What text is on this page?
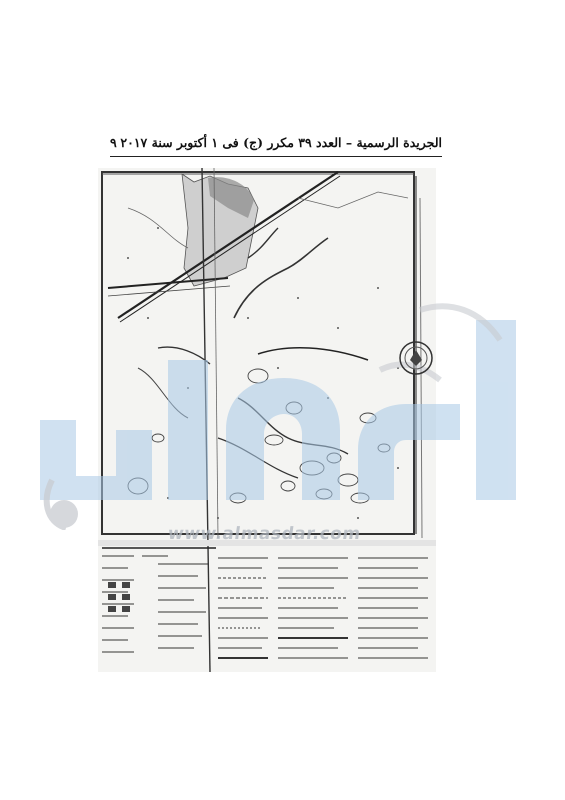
الجريدة الرسمية – العدد ٣٩ مكرر (ج) فى ١ أكتوبر سنة ٢٠١٧
٩
www.almasdar.com
